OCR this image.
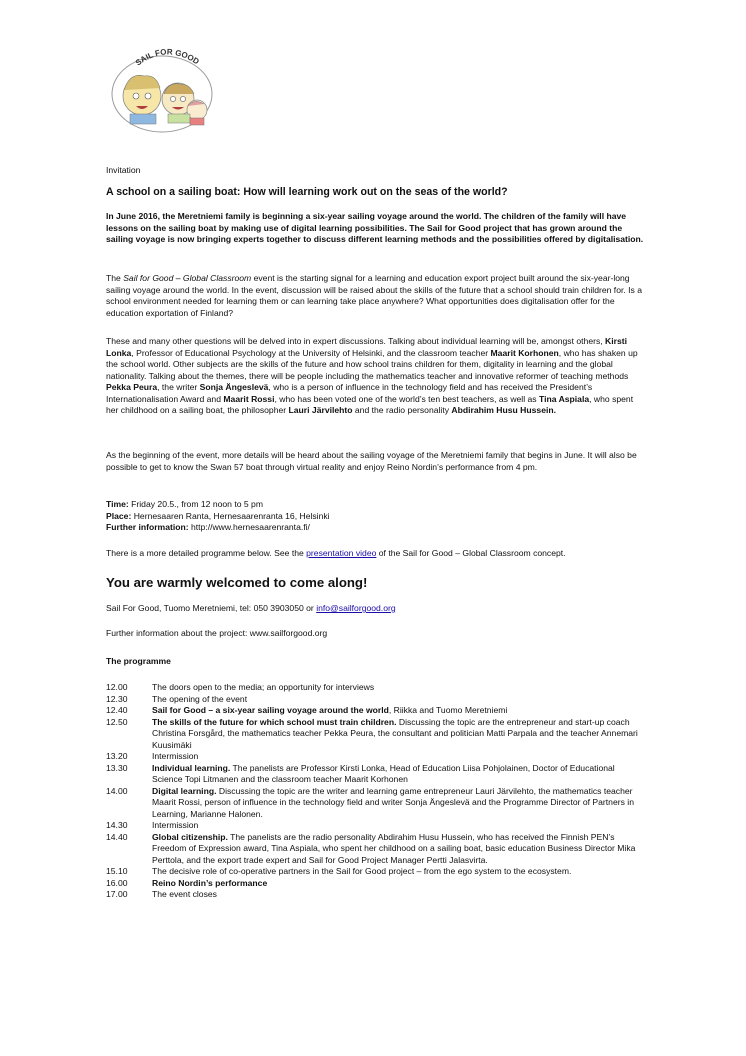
SAIL FOR GOOD

Invitation

A school on a sailing boat: How will learning work out on the seas of the world?

In June 2016, the Meretniemi family is beginning a six-year sailing voyage around the world. The children of the family will have lessons on the sailing boat by making use of digital learning possibilities. The Sail for Good project that has grown around the sailing voyage is now bringing experts together to discuss different learning methods and the possibilities offered by digitalisation.

The Sail for Good – Global Classroom event is the starting signal for a learning and education export project built around the six-year-long sailing voyage around the world. In the event, discussion will be raised about the skills of the future that a school should train children for. Is a school environment needed for learning them or can learning take place anywhere? What opportunities does digitalisation offer for the education exportation of Finland?

These and many other questions will be delved into in expert discussions. Talking about individual learning will be, amongst others, Kirsti Lonka, Professor of Educational Psychology at the University of Helsinki, and the classroom teacher Maarit Korhonen, who has shaken up the school world. Other subjects are the skills of the future and how school trains children for them, digitality in learning and the global nationality. Talking about the themes, there will be people including the mathematics teacher and innovative reformer of teaching methods Pekka Peura, the writer Sonja Ängeslevä, who is a person of influence in the technology field and has received the President’s Internationalisation Award and Maarit Rossi, who has been voted one of the world’s ten best teachers, as well as Tina Aspiala, who spent her childhood on a sailing boat, the philosopher Lauri Järvilehto and the radio personality Abdirahim Husu Hussein.

As the beginning of the event, more details will be heard about the sailing voyage of the Meretniemi family that begins in June. It will also be possible to get to know the Swan 57 boat through virtual reality and enjoy Reino Nordin’s performance from 4 pm.

Time: Friday 20.5., from 12 noon to 5 pm
Place: Hernesaaren Ranta, Hernesaarenranta 16, Helsinki
Further information: http://www.hernesaarenranta.fi/

There is a more detailed programme below. See the presentation video of the Sail for Good – Global Classroom concept.

You are warmly welcomed to come along!

Sail For Good, Tuomo Meretniemi, tel: 050 3903050 or info@sailforgood.org

Further information about the project: www.sailforgood.org

The programme

12.00	The doors open to the media; an opportunity for interviews
12.30	The opening of the event
12.40	Sail for Good – a six-year sailing voyage around the world, Riikka and Tuomo Meretniemi
12.50	The skills of the future for which school must train children. Discussing the topic are the entrepreneur and start-up coach Christina Forsgård, the mathematics teacher Pekka Peura, the consultant and politician Matti Parpala and the teacher Annemari Kuusimäki
13.20	Intermission
13.30	Individual learning. The panelists are Professor Kirsti Lonka, Head of Education Liisa Pohjolainen, Doctor of Educational Science Topi Litmanen and the classroom teacher Maarit Korhonen
14.00	Digital learning. Discussing the topic are the writer and learning game entrepreneur Lauri Järvilehto, the mathematics teacher Maarit Rossi, person of influence in the technology field and writer Sonja Ängeslevä and the Programme Director of Partners in Learning, Marianne Halonen.
14.30	Intermission
14.40	Global citizenship. The panelists are the radio personality Abdirahim Husu Hussein, who has received the Finnish PEN’s Freedom of Expression award, Tina Aspiala, who spent her childhood on a sailing boat, basic education Business Director Mika Perttola, and the export trade expert and Sail for Good Project Manager Pertti Jalasvirta.
15.10	The decisive role of co-operative partners in the Sail for Good project – from the ego system to the ecosystem.
16.00	Reino Nordin’s performance
17.00	The event closes
